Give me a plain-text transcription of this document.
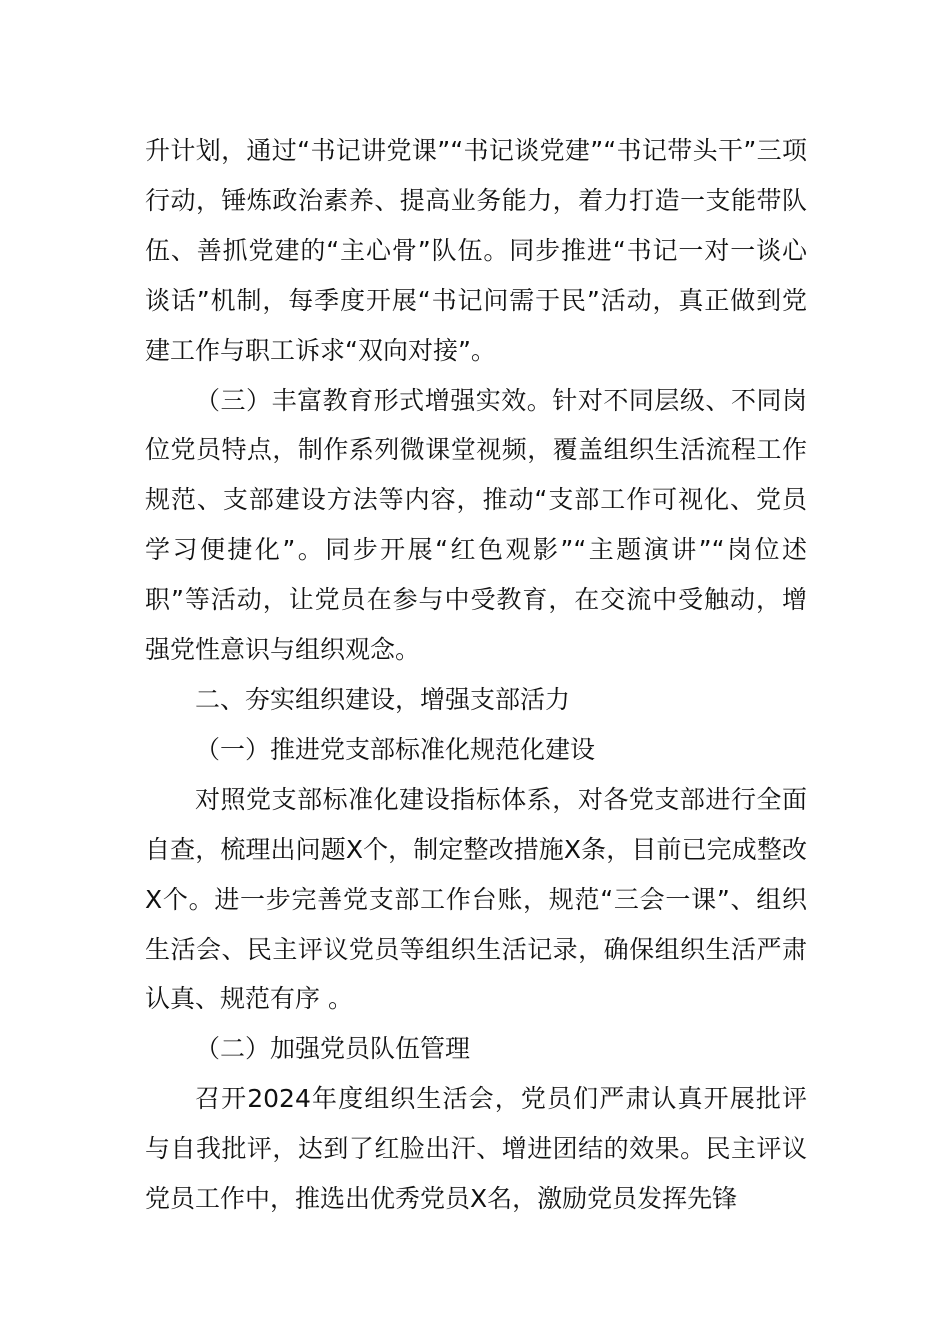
升计划，通过“书记讲党课”“书记谈党建”“书记带头干”三项行动，锤炼政治素养、提高业务能力，着力打造一支能带队伍、善抓党建的“主心骨”队伍。同步推进“书记一对一谈心谈话”机制，每季度开展“书记问需于民”活动，真正做到党建工作与职工诉求“双向对接”。

（三）丰富教育形式增强实效。针对不同层级、不同岗位党员特点，制作系列微课堂视频，覆盖组织生活流程工作规范、支部建设方法等内容，推动“支部工作可视化、党员学习便捷化”。同步开展“红色观影”“主题演讲”“岗位述职”等活动，让党员在参与中受教育，在交流中受触动，增强党性意识与组织观念。

二、夯实组织建设，增强支部活力

（一）推进党支部标准化规范化建设

对照党支部标准化建设指标体系，对各党支部进行全面自查，梳理出问题X个，制定整改措施X条，目前已完成整改X个。进一步完善党支部工作台账，规范“三会一课”、组织生活会、民主评议党员等组织生活记录，确保组织生活严肃认真、规范有序 。

（二）加强党员队伍管理

召开2024年度组织生活会，党员们严肃认真开展批评与自我批评，达到了红脸出汗、增进团结的效果。民主评议党员工作中，推选出优秀党员X名，激励党员发挥先锋
